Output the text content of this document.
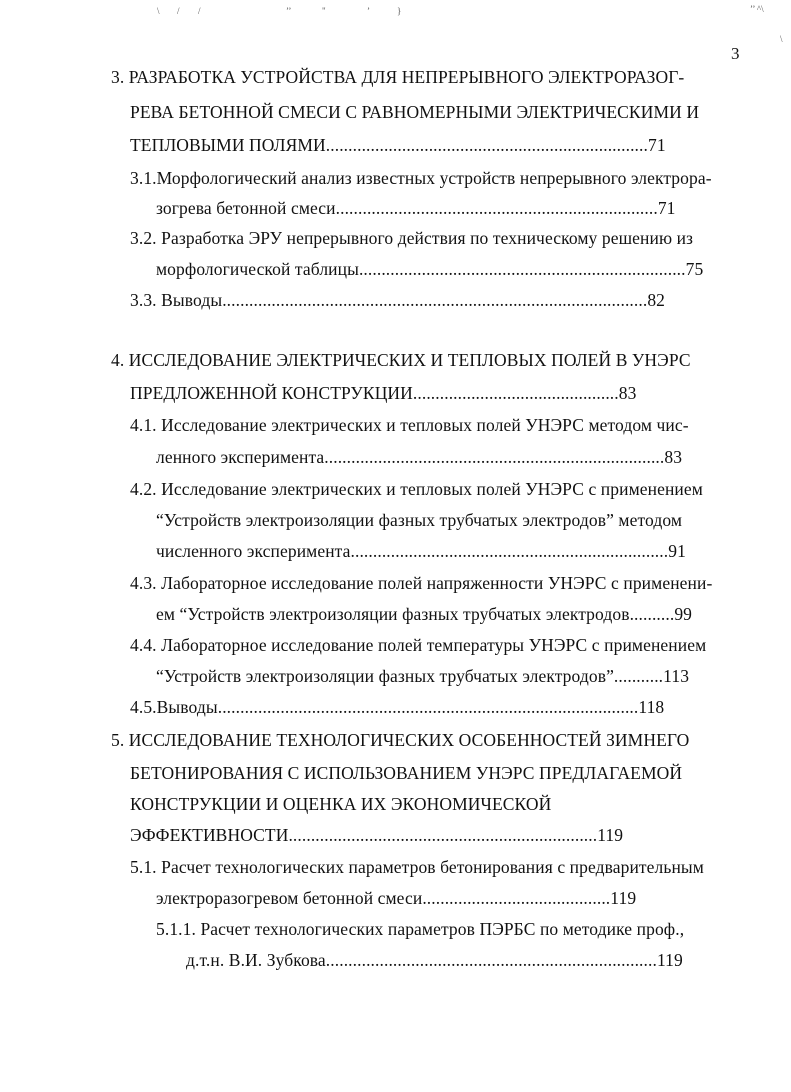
\ / /	’’	"	’	}	’’ ^\
\
3
3. РАЗРАБОТКА УСТРОЙСТВА ДЛЯ НЕПРЕРЫВНОГО ЭЛЕКТРОРАЗОГ-
РЕВА БЕТОННОЙ СМЕСИ С РАВНОМЕРНЫМИ ЭЛЕКТРИЧЕСКИМИ И
ТЕПЛОВЫМИ ПОЛЯМИ........................................................................71
3.1.Морфологический анализ известных устройств непрерывного электрора-
зогрева бетонной смеси........................................................................71
3.2. Разработка ЭРУ непрерывного действия по техническому решению из
морфологической таблицы.........................................................................75
3.3. Выводы...............................................................................................82
4. ИССЛЕДОВАНИЕ ЭЛЕКТРИЧЕСКИХ И ТЕПЛОВЫХ ПОЛЕЙ В УНЭРС
ПРЕДЛОЖЕННОЙ КОНСТРУКЦИИ..............................................83
4.1. Исследование электрических и тепловых полей УНЭРС методом чис-
ленного эксперимента............................................................................83
4.2. Исследование электрических и тепловых полей УНЭРС с применением
“Устройств электроизоляции фазных трубчатых электродов” методом
численного эксперимента.......................................................................91
4.3. Лабораторное исследование полей напряженности УНЭРС с применени-
ем “Устройств электроизоляции фазных трубчатых электродов..........99
4.4. Лабораторное исследование полей температуры УНЭРС с применением
“Устройств электроизоляции фазных трубчатых электродов”...........113
4.5.Выводы..............................................................................................118
5. ИССЛЕДОВАНИЕ ТЕХНОЛОГИЧЕСКИХ ОСОБЕННОСТЕЙ ЗИМНЕГО
БЕТОНИРОВАНИЯ С ИСПОЛЬЗОВАНИЕМ УНЭРС ПРЕДЛАГАЕМОЙ
КОНСТРУКЦИИ И ОЦЕНКА ИХ ЭКОНОМИЧЕСКОЙ
ЭФФЕКТИВНОСТИ.....................................................................119
5.1. Расчет технологических параметров бетонирования с предварительным
электроразогревом бетонной смеси..........................................119
5.1.1. Расчет технологических параметров ПЭРБС по методике проф.,
д.т.н. В.И. Зубкова..........................................................................119
